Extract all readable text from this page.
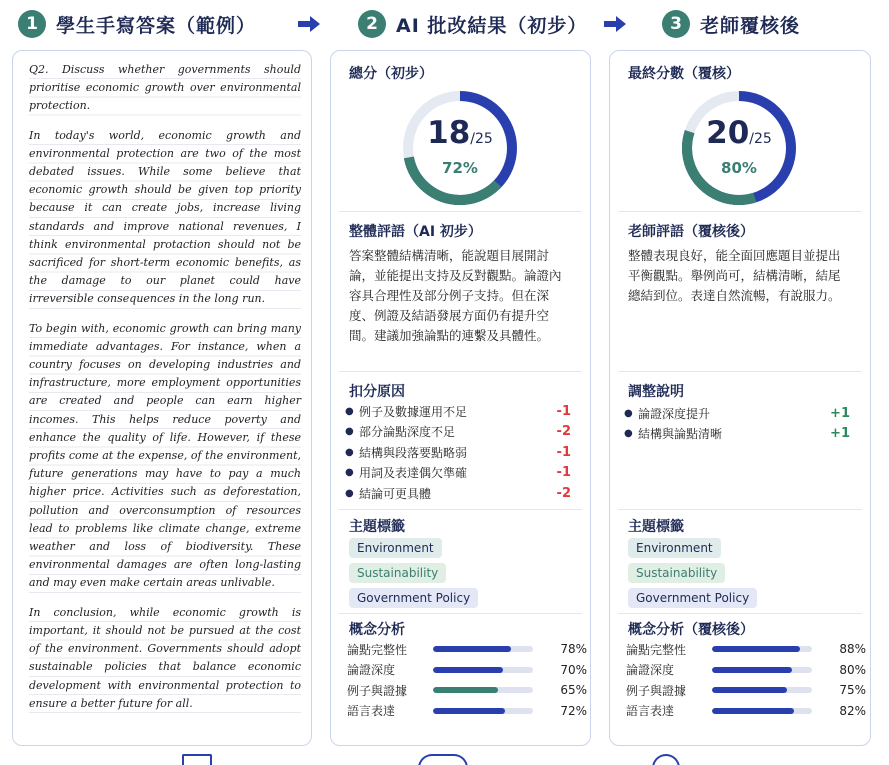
1 學生手寫答案（範例）	2 AI 批改結果（初步）	3 老師覆核後

Q2. Discuss whether governments should prioritise economic growth over environmental protection.

In today's world, economic growth and environmental protection are two of the most debated issues. While some believe that economic growth should be given top priority because it can create jobs, increase living standards and improve national revenues, I think environmental protaction should not be sacrificed for short-term economic benefits, as the damage to our planet could have irreversible consequences in the long run.

To begin with, economic growth can bring many immediate advantages. For instance, when a country focuses on developing industries and infrastructure, more employment opportunities are created and people can earn higher incomes. This helps reduce poverty and enhance the quality of life. However, if these profits come at the expense, of the environment, future generations may have to pay a much higher price. Activities such as deforestation, pollution and overconsumption of resources lead to problems like climate change, extreme weather and loss of biodiversity. These environmental damages are often long-lasting and may even make certain areas unlivable.

In conclusion, while economic growth is important, it should not be pursued at the cost of the environment. Governments should adopt sustainable policies that balance economic development with environmental protection to ensure a better future for all.

總分（初步）
18/25
72%
整體評語（AI 初步）
答案整體結構清晰，能說題目展開討論，並能提出支持及反對觀點。論證內容具合理性及部分例子支持。但在深度、例證及結語發展方面仍有提升空間。建議加強論點的連繫及具體性。
扣分原因
● 例子及數據運用不足	-1
● 部分論點深度不足	-2
● 結構與段落要點略弱	-1
● 用詞及表達偶欠準確	-1
● 結論可更具體	-2
主題標籤
Environment
Sustainability
Government Policy

概念分析
論點完整性	78%
論證深度	70%
例子與證據	65%
語言表達	72%
最終分數（覆核）
20/25
80%
老師評語（覆核後）
整體表現良好，能全面回應題目並提出平衡觀點。舉例尚可，結構清晰，結尾總結到位。表達自然流暢，有說服力。
調整說明
● 論證深度提升	+1
● 結構與論點清晰	+1
主題標籤
Environment
Sustainability
Government Policy

概念分析（覆核後）
論點完整性	88%
論證深度	80%
例子與證據	75%
語言表達	82%
